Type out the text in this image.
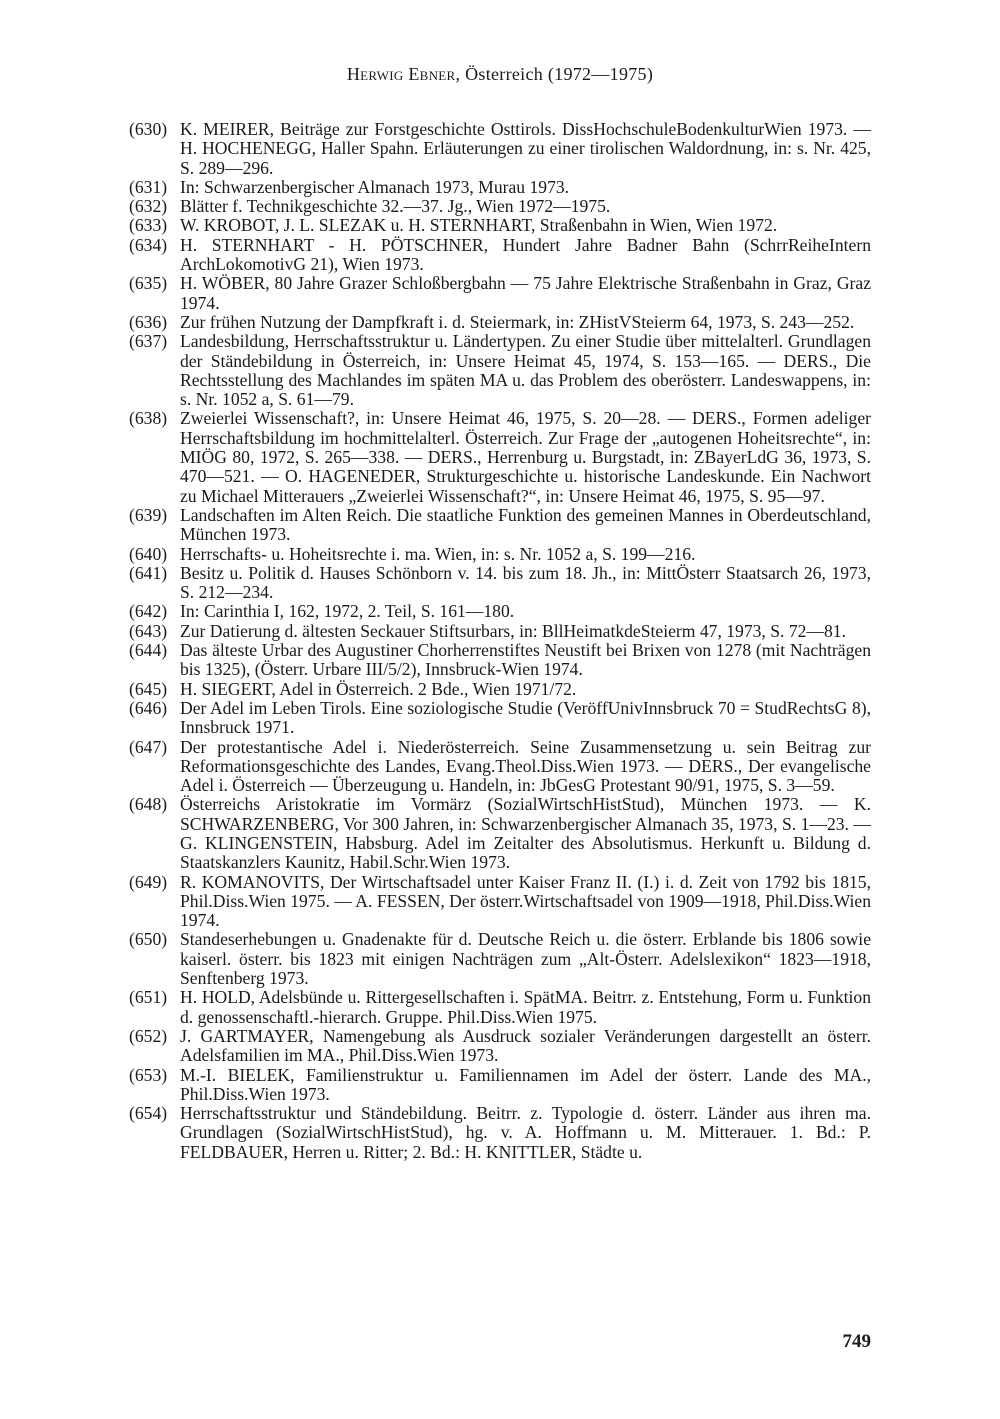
Herwig Ebner, Österreich (1972—1975)
(630) K. MEIRER, Beiträge zur Forstgeschichte Osttirols. DissHochschuleBodenkulturWien 1973. — H. HOCHENEGG, Haller Spahn. Erläuterungen zu einer tirolischen Waldordnung, in: s. Nr. 425, S. 289—296.
(631) In: Schwarzenbergischer Almanach 1973, Murau 1973.
(632) Blätter f. Technikgeschichte 32.—37. Jg., Wien 1972—1975.
(633) W. KROBOT, J. L. SLEZAK u. H. STERNHART, Straßenbahn in Wien, Wien 1972.
(634) H. STERNHART - H. PÖTSCHNER, Hundert Jahre Badner Bahn (SchrrReiheIntern ArchLokomotivG 21), Wien 1973.
(635) H. WÖBER, 80 Jahre Grazer Schloßbergbahn — 75 Jahre Elektrische Straßenbahn in Graz, Graz 1974.
(636) Zur frühen Nutzung der Dampfkraft i. d. Steiermark, in: ZHistVSteierm 64, 1973, S. 243—252.
(637) Landesbildung, Herrschaftsstruktur u. Ländertypen. Zu einer Studie über mittelalterl. Grundlagen der Ständebildung in Österreich, in: Unsere Heimat 45, 1974, S. 153—165. — DERS., Die Rechtsstellung des Machlandes im späten MA u. das Problem des oberösterr. Landeswappens, in: s. Nr. 1052 a, S. 61—79.
(638) Zweierlei Wissenschaft?, in: Unsere Heimat 46, 1975, S. 20—28. — DERS., Formen adeliger Herrschaftsbildung im hochmittelalterl. Österreich. Zur Frage der „autogenen Hoheitsrechte“, in: MIÖG 80, 1972, S. 265—338. — DERS., Herrenburg u. Burgstadt, in: ZBayerLdG 36, 1973, S. 470—521. — O. HAGENEDER, Strukturgeschichte u. historische Landeskunde. Ein Nachwort zu Michael Mitterauers „Zweierlei Wissenschaft?“, in: Unsere Heimat 46, 1975, S. 95—97.
(639) Landschaften im Alten Reich. Die staatliche Funktion des gemeinen Mannes in Oberdeutschland, München 1973.
(640) Herrschafts- u. Hoheitsrechte i. ma. Wien, in: s. Nr. 1052 a, S. 199—216.
(641) Besitz u. Politik d. Hauses Schönborn v. 14. bis zum 18. Jh., in: MittÖsterr Staatsarch 26, 1973, S. 212—234.
(642) In: Carinthia I, 162, 1972, 2. Teil, S. 161—180.
(643) Zur Datierung d. ältesten Seckauer Stiftsurbars, in: BllHeimatkdeSteierm 47, 1973, S. 72—81.
(644) Das älteste Urbar des Augustiner Chorherrenstiftes Neustift bei Brixen von 1278 (mit Nachträgen bis 1325), (Österr. Urbare III/5/2), Innsbruck-Wien 1974.
(645) H. SIEGERT, Adel in Österreich. 2 Bde., Wien 1971/72.
(646) Der Adel im Leben Tirols. Eine soziologische Studie (VeröffUnivInnsbruck 70 = StudRechtsG 8), Innsbruck 1971.
(647) Der protestantische Adel i. Niederösterreich. Seine Zusammensetzung u. sein Beitrag zur Reformationsgeschichte des Landes, Evang.Theol.Diss.Wien 1973. — DERS., Der evangelische Adel i. Österreich — Überzeugung u. Handeln, in: JbGesG Protestant 90/91, 1975, S. 3—59.
(648) Österreichs Aristokratie im Vormärz (SozialWirtschHistStud), München 1973. — K. SCHWARZENBERG, Vor 300 Jahren, in: Schwarzenbergischer Almanach 35, 1973, S. 1—23. — G. KLINGENSTEIN, Habsburg. Adel im Zeitalter des Absolutismus. Herkunft u. Bildung d. Staatskanzlers Kaunitz, Habil.Schr.Wien 1973.
(649) R. KOMANOVITS, Der Wirtschaftsadel unter Kaiser Franz II. (I.) i. d. Zeit von 1792 bis 1815, Phil.Diss.Wien 1975. — A. FESSEN, Der österr.Wirtschaftsadel von 1909—1918, Phil.Diss.Wien 1974.
(650) Standeserhebungen u. Gnadenakte für d. Deutsche Reich u. die österr. Erblande bis 1806 sowie kaiserl. österr. bis 1823 mit einigen Nachträgen zum „Alt-Österr. Adelslexikon“ 1823—1918, Senftenberg 1973.
(651) H. HOLD, Adelsbünde u. Rittergesellschaften i. SpätMA. Beitrr. z. Entstehung, Form u. Funktion d. genossenschaftl.-hierarch. Gruppe. Phil.Diss.Wien 1975.
(652) J. GARTMAYER, Namengebung als Ausdruck sozialer Veränderungen dargestellt an österr. Adelsfamilien im MA., Phil.Diss.Wien 1973.
(653) M.-I. BIELEK, Familienstruktur u. Familiennamen im Adel der österr. Lande des MA., Phil.Diss.Wien 1973.
(654) Herrschaftsstruktur und Ständebildung. Beitrr. z. Typologie d. österr. Länder aus ihren ma. Grundlagen (SozialWirtschHistStud), hg. v. A. Hoffmann u. M. Mitterauer. 1. Bd.: P. FELDBAUER, Herren u. Ritter; 2. Bd.: H. KNITTLER, Städte u.
749
